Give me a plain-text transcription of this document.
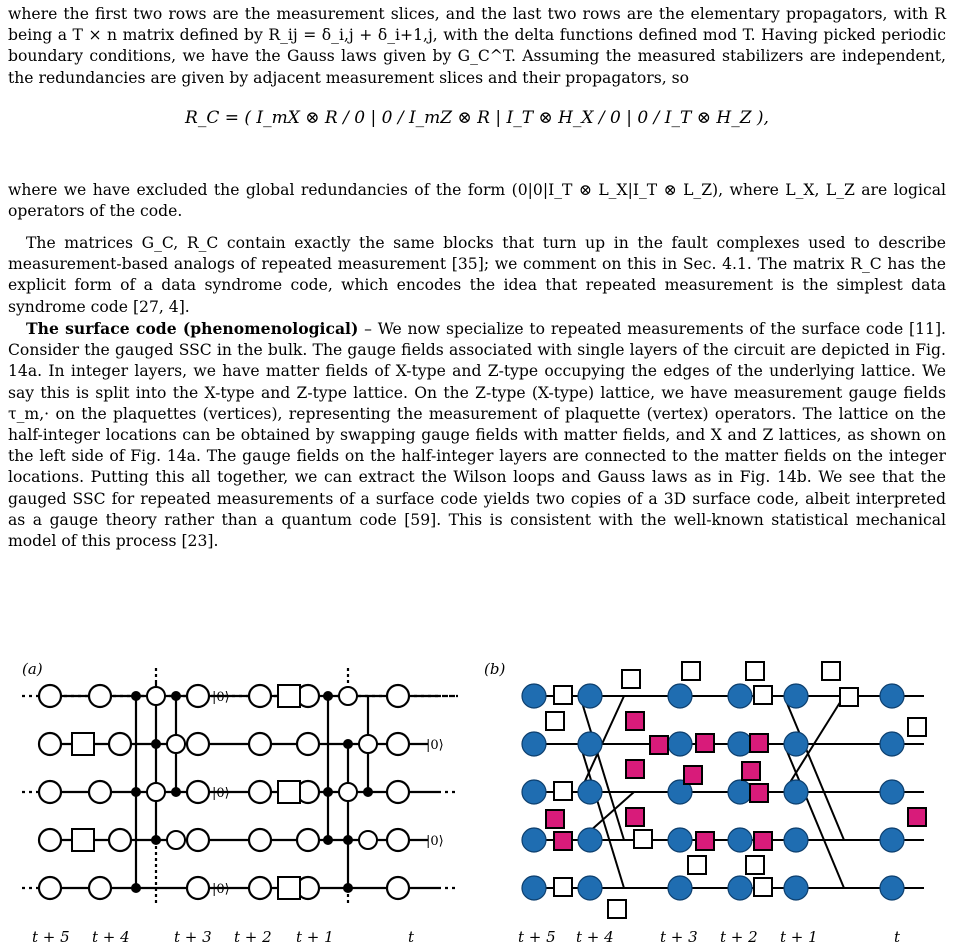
where the first two rows are the measurement slices, and the last two rows are the elementary propagators, with R being a T × n matrix defined by R_ij = δ_i,j + δ_i+1,j, with the delta functions defined mod T. Having picked periodic boundary conditions, we have the Gauss laws given by G_C^T. Assuming the measured stabilizers are independent, the redundancies are given by adjacent measurement slices and their propagators, so

R_C = ( I_mX ⊗ R / 0 | 0 / I_mZ ⊗ R | I_T ⊗ H_X / 0 | 0 / I_T ⊗ H_Z ),

where we have excluded the global redundancies of the form (0|0|I_T ⊗ L_X|I_T ⊗ L_Z), where L_X, L_Z are logical operators of the code.

The matrices G_C, R_C contain exactly the same blocks that turn up in the fault complexes used to describe measurement-based analogs of repeated measurement [35]; we comment on this in Sec. 4.1. The matrix R_C has the explicit form of a data syndrome code, which encodes the idea that repeated measurement is the simplest data syndrome code [27, 4].

The surface code (phenomenological) – We now specialize to repeated measurements of the surface code [11]. Consider the gauged SSC in the bulk. The gauge fields associated with single layers of the circuit are depicted in Fig. 14a. In integer layers, we have matter fields of X-type and Z-type occupying the edges of the underlying lattice. We say this is split into the X-type and Z-type lattice. On the Z-type (X-type) lattice, we have measurement gauge fields τ_m,· on the plaquettes (vertices), representing the measurement of plaquette (vertex) operators. The lattice on the half-integer locations can be obtained by swapping gauge fields with matter fields, and X and Z lattices, as shown on the left side of Fig. 14a. The gauge fields on the half-integer layers are connected to the matter fields on the integer locations. Putting this all together, we can extract the Wilson loops and Gauss laws as in Fig. 14b. We see that the gauged SSC for repeated measurements of a surface code yields two copies of a 3D surface code, albeit interpreted as a gauge theory rather than a quantum code [59]. This is consistent with the well-known statistical mechanical model of this process [23].

(a)
|0⟩
|0⟩
|0⟩
|0⟩
|0⟩
t + 5 t + 4	t + 3 t + 2 t + 1	t
(b)
t + 5 t + 4	t + 3 t + 2 t + 1	t
